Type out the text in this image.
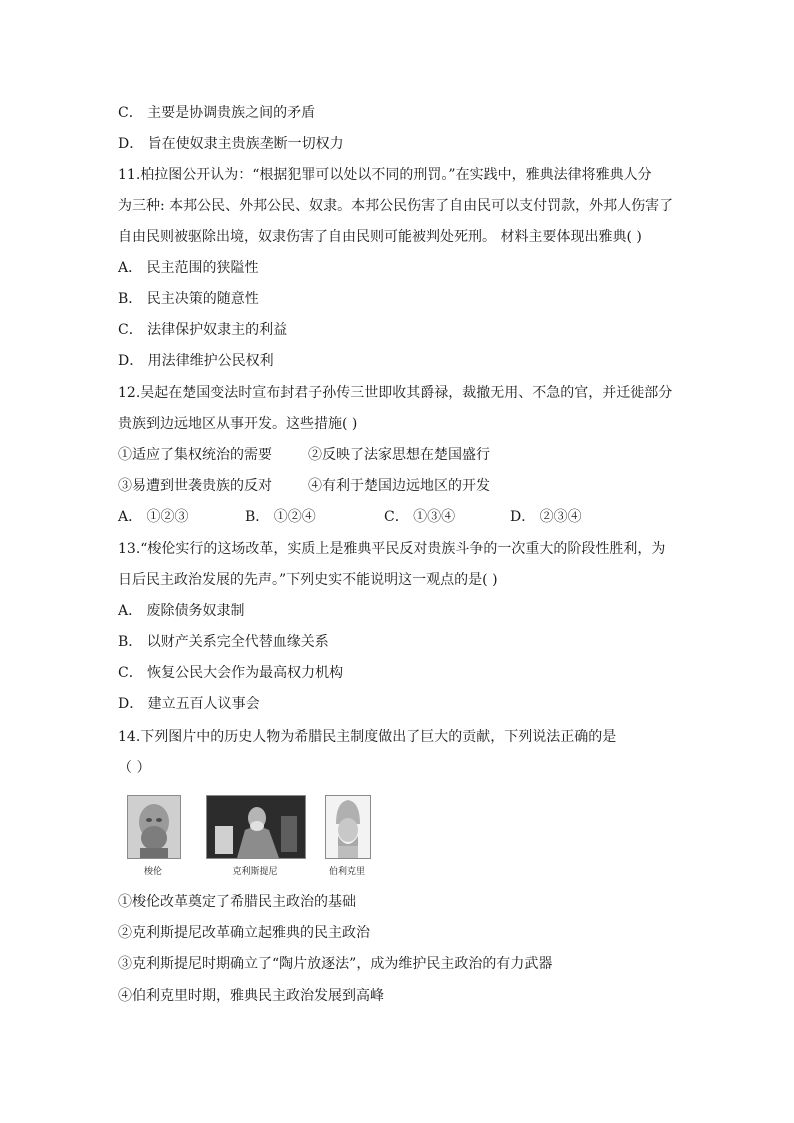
C． 主要是协调贵族之间的矛盾
D． 旨在使奴隶主贵族垄断一切权力
11.柏拉图公开认为：“根据犯罪可以处以不同的刑罚。”在实践中，雅典法律将雅典人分
为三种: 本邦公民、外邦公民、奴隶。本邦公民伤害了自由民可以支付罚款，外邦人伤害了
自由民则被驱除出境，奴隶伤害了自由民则可能被判处死刑。 材料主要体现出雅典( )
A． 民主范围的狭隘性
B． 民主决策的随意性
C． 法律保护奴隶主的利益
D． 用法律维护公民权利
12.吴起在楚国变法时宣布封君子孙传三世即收其爵禄，裁撤无用、不急的官，并迁徙部分
贵族到边远地区从事开发。这些措施( )
①适应了集权统治的需要	②反映了法家思想在楚国盛行
③易遭到世袭贵族的反对	④有利于楚国边远地区的开发
A． ①②③	B． ①②④	C． ①③④	D． ②③④
13.“梭伦实行的这场改革，实质上是雅典平民反对贵族斗争的一次重大的阶段性胜利，为
日后民主政治发展的先声。”下列史实不能说明这一观点的是( )
A． 废除债务奴隶制
B． 以财产关系完全代替血缘关系
C． 恢复公民大会作为最高权力机构
D． 建立五百人议事会
14.下列图片中的历史人物为希腊民主制度做出了巨大的贡献，下列说法正确的是
（ ）
梭伦	克利斯提尼	伯利克里
①梭伦改革奠定了希腊民主政治的基础
②克利斯提尼改革确立起雅典的民主政治
③克利斯提尼时期确立了“陶片放逐法”，成为维护民主政治的有力武器
④伯利克里时期，雅典民主政治发展到高峰
